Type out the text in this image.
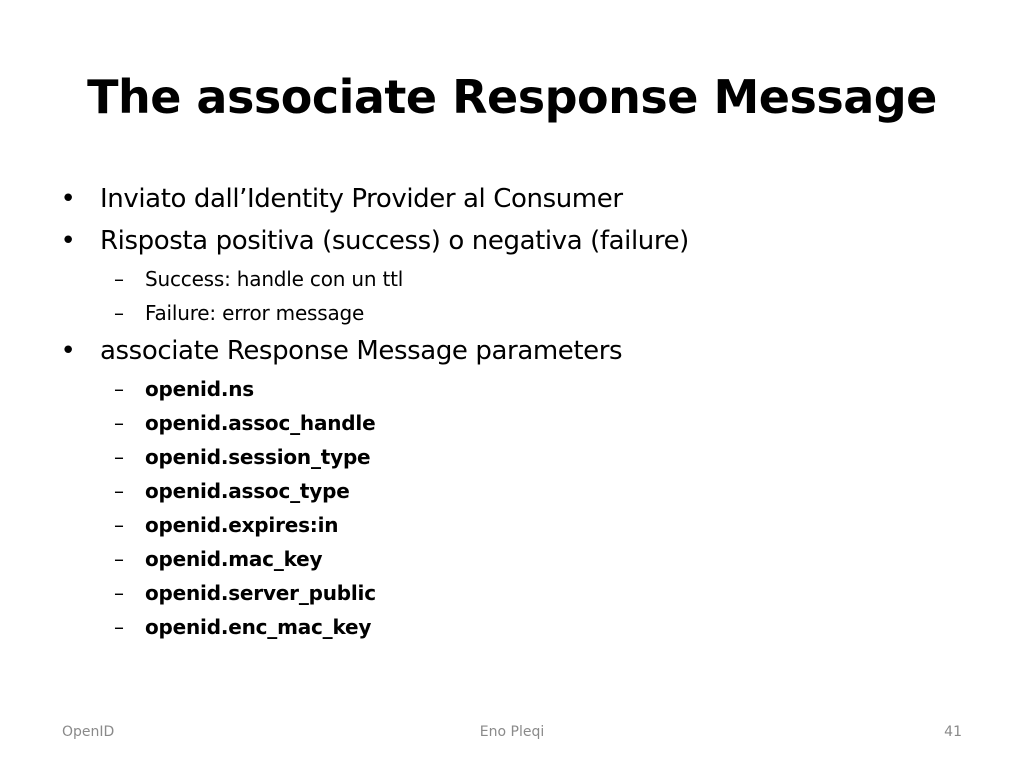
The associate Response Message
• Inviato dall’Identity Provider al Consumer
• Risposta positiva (success) o negativa (failure)
– Success: handle con un ttl
– Failure: error message
• associate Response Message parameters
– openid.ns
– openid.assoc_handle
– openid.session_type
– openid.assoc_type
– openid.expires:in
– openid.mac_key
– openid.server_public
– openid.enc_mac_key
OpenID	Eno Pleqi	41
